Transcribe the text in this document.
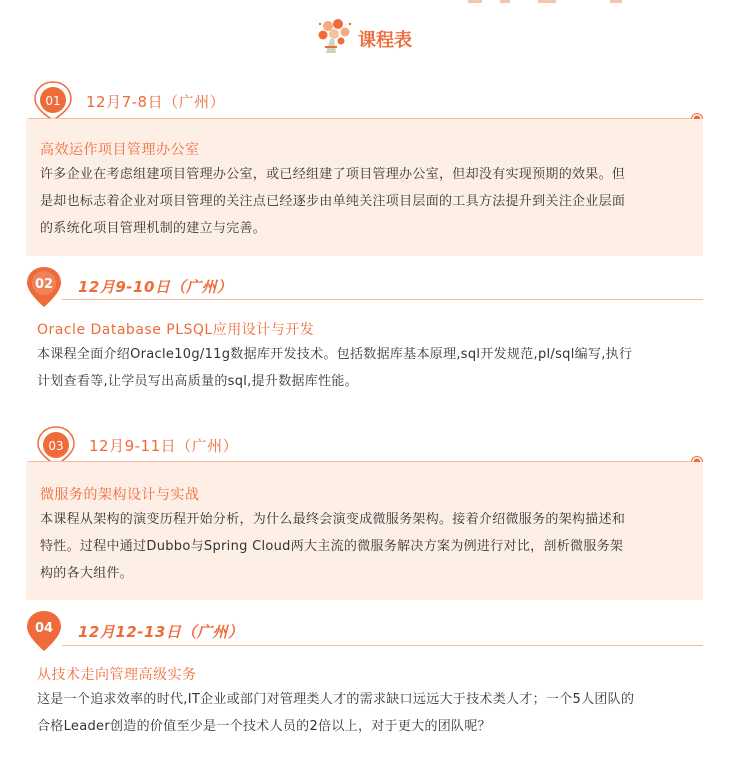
课程表
01 12月7-8日（广州）
高效运作项目管理办公室
许多企业在考虑组建项目管理办公室，或已经组建了项目管理办公室，但却没有实现预期的效果。但
是却也标志着企业对项目管理的关注点已经逐步由单纯关注项目层面的工具方法提升到关注企业层面
的系统化项目管理机制的建立与完善。
02 12月9-10日（广州）
Oracle Database PLSQL应用设计与开发
本课程全面介绍Oracle10g/11g数据库开发技术。包括数据库基本原理,sql开发规范,pl/sql编写,执行
计划查看等,让学员写出高质量的sql,提升数据库性能。
03 12月9-11日（广州）
微服务的架构设计与实战
本课程从架构的演变历程开始分析，为什么最终会演变成微服务架构。接着介绍微服务的架构描述和
特性。过程中通过Dubbo与Spring Cloud两大主流的微服务解决方案为例进行对比，剖析微服务架
构的各大组件。
04 12月12-13日（广州）
从技术走向管理高级实务
这是一个追求效率的时代,IT企业或部门对管理类人才的需求缺口远远大于技术类人才；一个5人团队的
合格Leader创造的价值至少是一个技术人员的2倍以上，对于更大的团队呢？
